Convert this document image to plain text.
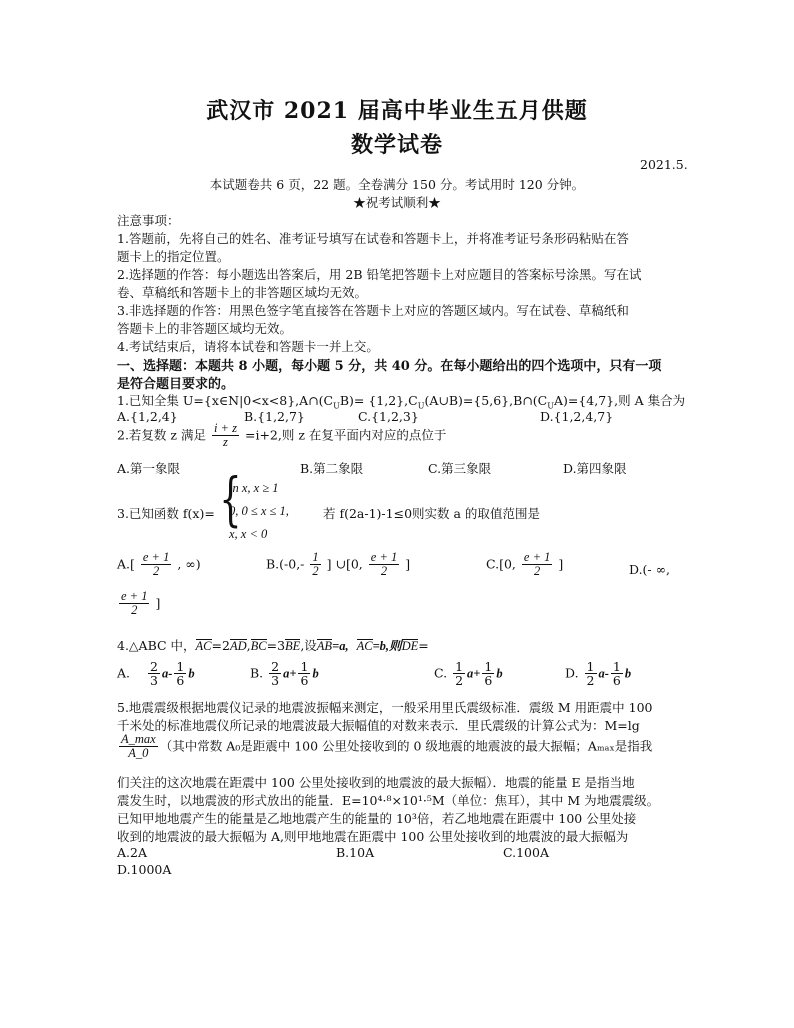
武汉市 2021 届高中毕业生五月供题
数学试卷
2021.5.
本试题卷共 6 页，22 题。全卷满分 150 分。考试用时 120 分钟。
★祝考试顺利★
注意事项：
1.答题前，先将自己的姓名、准考证号填写在试卷和答题卡上，并将准考证号条形码粘贴在答
题卡上的指定位置。
2.选择题的作答：每小题选出答案后，用 2B 铅笔把答题卡上对应题目的答案标号涂黑。写在试
卷、草稿纸和答题卡上的非答题区域均无效。
3.非选择题的作答：用黑色签字笔直接答在答题卡上对应的答题区域内。写在试卷、草稿纸和
答题卡上的非答题区域均无效。
4.考试结束后，请将本试卷和答题卡一并上交。
一、选择题：本题共 8 小题，每小题 5 分，共 40 分。在每小题给出的四个选项中，只有一项
是符合题目要求的。
1.已知全集 $U=\{x\in N|0<x<8\},A\cap(C_UB)=$ $\{1,2\},C_U(A\cup B)=\{5,6\},B\cap(C_UA)=\{4,7\}$,则 A 集合为
A.{1,2,4}	B.{1,2,7}	C.{1,2,3}	D.{1,2,4,7}
2.若复数 z 满足 $\frac{i + z}{z} =i+2$,则 z 在复平面内对应的点位于
A.第一象限	B.第二象限	C.第三象限	D.第四象限
3.已知函数 f(x)= {
ln x, x ≥ 1
0, 0 ≤ x ≤ 1,	若 f(2a-1)-1≤0则实数 a 的取值范围是
x, x < 0
$A.[ \frac{e + 1}{2}$ , ∞)	$B.(-0,- \frac{1}{2}$ ] ∪[0, $\frac{e + 1}{2}$ ]	C.[0, $\frac{e + 1}{2}$ ]	D.(- ∞,
$\frac{e + 1}{2}$ ]
4.△ABC 中，AC=2AD,BC=3BE,设AB=a, AC=b,则DE=
A. $\frac{2}{3} a- \frac{1}{6}$ b	B. $\frac{2}{3} a+ \frac{1}{6}$ b	C. $\frac{1}{2} a+ \frac{1}{6}$ b	D. $\frac{1}{2} a- \frac{1}{6}$ b
5.地震震级根据地震仪记录的地震波振幅来测定，一般采用里氏震级标准．震级 M 用距震中 100
千米处的标准地震仪所记录的地震波最大振幅值的对数来表示．里氏震级的计算公式为：M=lg
$\frac{A\_\max}{A\_0}$ （其中常数 A₀是距震中 100 公里处接收到的 0 级地震的地震波的最大振幅；Aₘₐₓ是指我
们关注的这次地震在距震中 100 公里处接收到的地震波的最大振幅）．地震的能量 E 是指当地
震发生时，以地震波的形式放出的能量．E=10⁴·⁸×10¹·⁵M（单位：焦耳），其中 M 为地震震级。
已知甲地地震产生的能量是乙地地震产生的能量的 10³倍，若乙地地震在距震中 100 公里处接
收到的地震波的最大振幅为 A,则甲地地震在距震中 100 公里处接收到的地震波的最大振幅为
A.2A	B.10A	C.100A
D.1000A
